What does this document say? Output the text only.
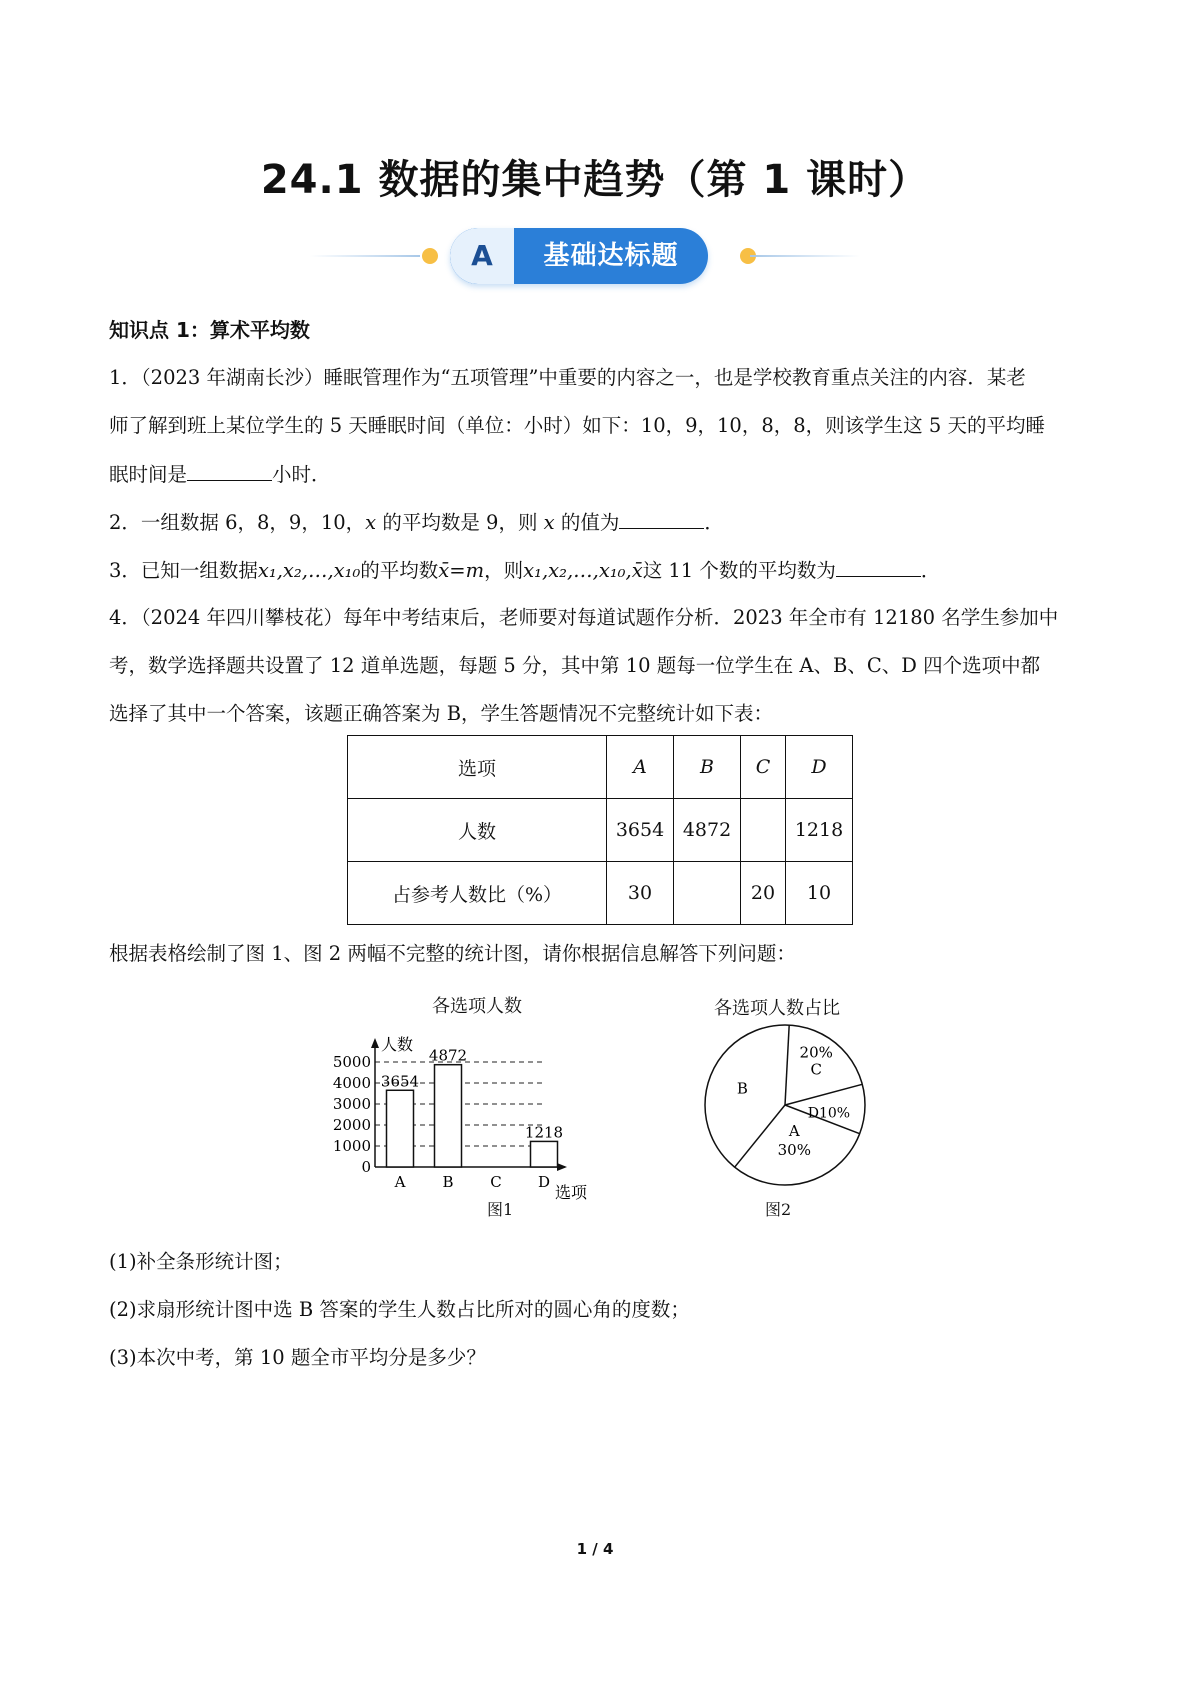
24.1 数据的集中趋势（第 1 课时）
A	基础达标题
知识点 1：算术平均数
1．（2023 年湖南长沙）睡眠管理作为“五项管理”中重要的内容之一，也是学校教育重点关注的内容．某老
师了解到班上某位学生的 5 天睡眠时间（单位：小时）如下：10，9，10，8，8，则该学生这 5 天的平均睡
眠时间是	小时．
2．一组数据 6，8，9，10，x 的平均数是 9，则 x 的值为	．
3．已知一组数据x₁,x₂,…,x₁₀的平均数x̄=m，则x₁,x₂,…,x₁₀,x̄这 11 个数的平均数为	．
4．（2024 年四川攀枝花）每年中考结束后，老师要对每道试题作分析．2023 年全市有 12180 名学生参加中
考，数学选择题共设置了 12 道单选题，每题 5 分，其中第 10 题每一位学生在 A、B、C、D 四个选项中都
选择了其中一个答案，该题正确答案为 B，学生答题情况不完整统计如下表：
选项	A	B	C	D
人数	3654	4872		1218
占参考人数比（%）	30		20	10
根据表格绘制了图 1、图 2 两幅不完整的统计图，请你根据信息解答下列问题：
各选项人数
0
1000
2000
3000
4000
5000
人数
选项
A
3654
B
4872
C D
1218
图1
各选项人数占比
20%
C
D10%
A
30%
B
图2
(1)补全条形统计图；
(2)求扇形统计图中选 B 答案的学生人数占比所对的圆心角的度数；
(3)本次中考，第 10 题全市平均分是多少？
1 / 4
